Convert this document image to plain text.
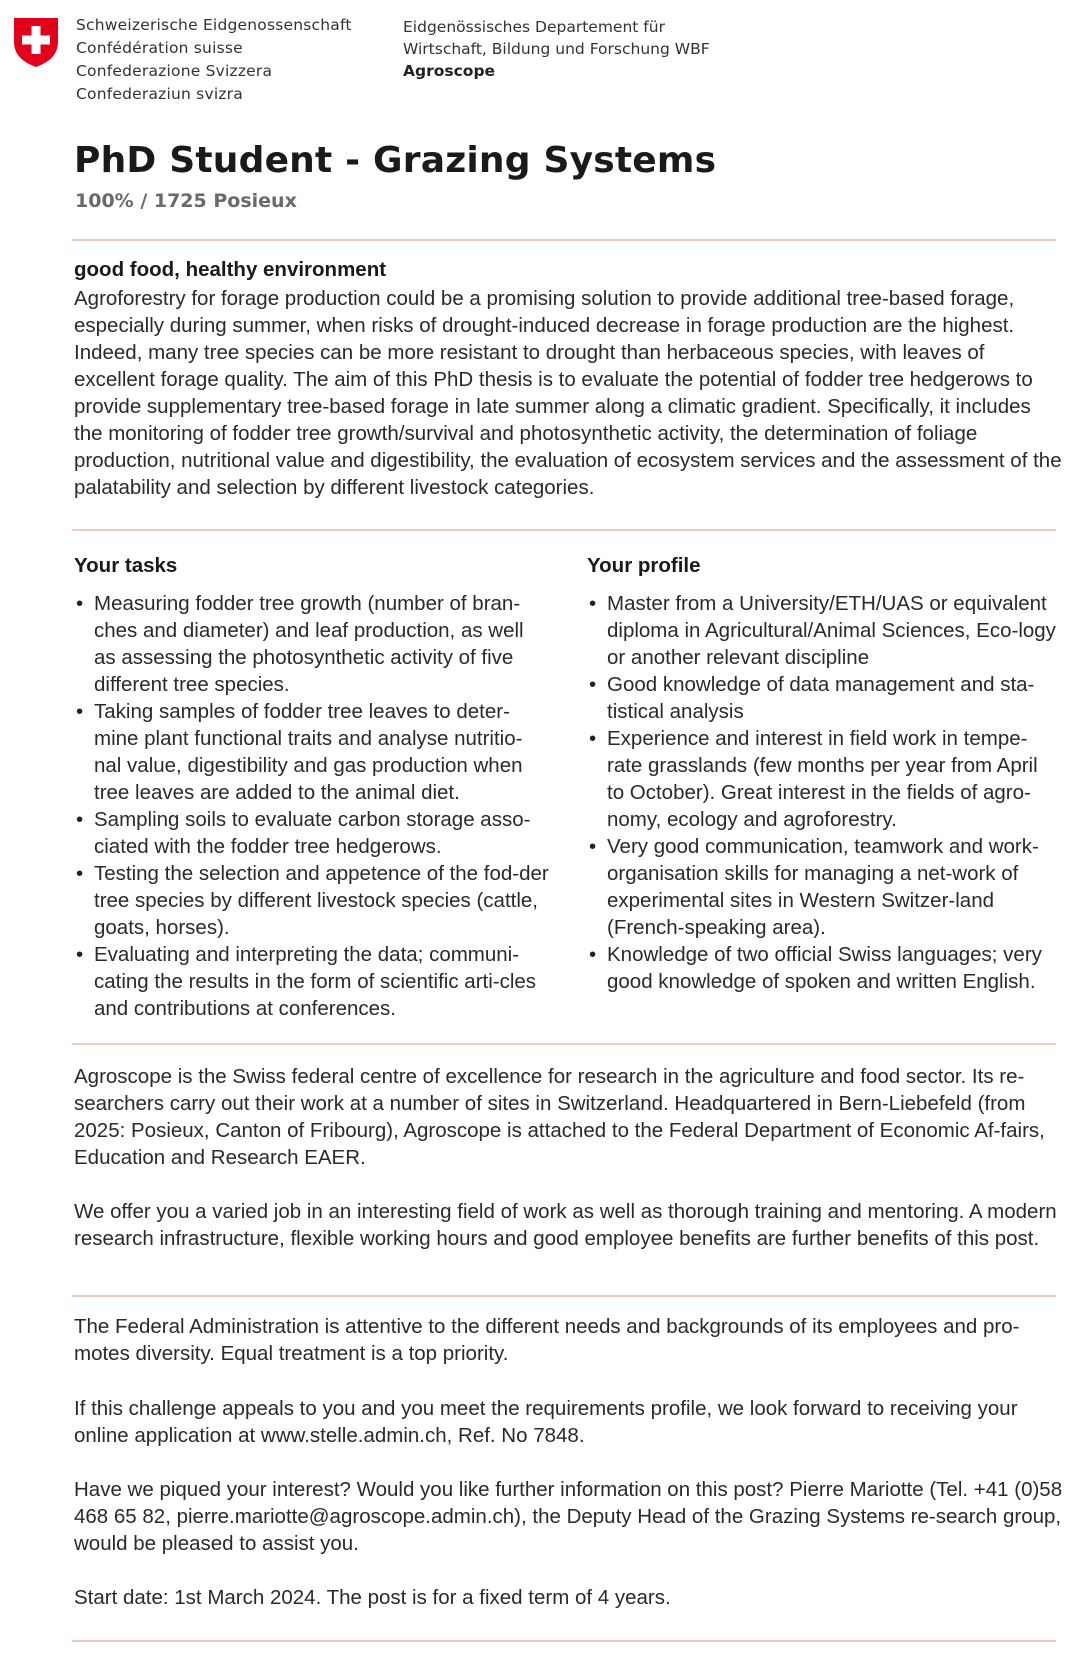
Schweizerische Eidgenossenschaft
Confédération suisse
Confederazione Svizzera
Confederaziun svizra
Eidgenössisches Departement für
Wirtschaft, Bildung und Forschung WBF
Agroscope
PhD Student - Grazing Systems
100% / 1725 Posieux

good food, healthy environment

Agroforestry for forage production could be a promising solution to provide additional tree-based forage, especially during summer, when risks of drought-induced decrease in forage production are the highest. Indeed, many tree species can be more resistant to drought than herbaceous species, with leaves of excellent forage quality. The aim of this PhD thesis is to evaluate the potential of fodder tree hedgerows to provide supplementary tree-based forage in late summer along a climatic gradient. Specifically, it includes the monitoring of fodder tree growth/survival and photosynthetic activity, the determination of foliage production, nutritional value and digestibility, the evaluation of ecosystem services and the assessment of the palatability and selection by different livestock categories.

Your tasks

• Measuring fodder tree growth (number of bran-ches and diameter) and leaf production, as well as assessing the photosynthetic activity of five different tree species.
• Taking samples of fodder tree leaves to deter-mine plant functional traits and analyse nutritio-nal value, digestibility and gas production when tree leaves are added to the animal diet.
• Sampling soils to evaluate carbon storage asso-ciated with the fodder tree hedgerows.
• Testing the selection and appetence of the fod-der tree species by different livestock species (cattle, goats, horses).
• Evaluating and interpreting the data; communi-cating the results in the form of scientific arti-cles and contributions at conferences.

Your profile

• Master from a University/ETH/UAS or equivalent diploma in Agricultural/Animal Sciences, Eco-logy or another relevant discipline
• Good knowledge of data management and sta-tistical analysis
• Experience and interest in field work in tempe-rate grasslands (few months per year from April to October). Great interest in the fields of agro-nomy, ecology and agroforestry.
• Very good communication, teamwork and work-organisation skills for managing a net-work of experimental sites in Western Switzer-land (French-speaking area).
• Knowledge of two official Swiss languages; very good knowledge of spoken and written English.

Agroscope is the Swiss federal centre of excellence for research in the agriculture and food sector. Its re-searchers carry out their work at a number of sites in Switzerland. Headquartered in Bern-Liebefeld (from 2025: Posieux, Canton of Fribourg), Agroscope is attached to the Federal Department of Economic Af-fairs, Education and Research EAER.

We offer you a varied job in an interesting field of work as well as thorough training and mentoring. A modern research infrastructure, flexible working hours and good employee benefits are further benefits of this post.

The Federal Administration is attentive to the different needs and backgrounds of its employees and pro-motes diversity. Equal treatment is a top priority.

If this challenge appeals to you and you meet the requirements profile, we look forward to receiving your online application at www.stelle.admin.ch, Ref. No 7848.

Have we piqued your interest? Would you like further information on this post? Pierre Mariotte (Tel. +41 (0)58 468 65 82, pierre.mariotte@agroscope.admin.ch), the Deputy Head of the Grazing Systems re-search group, would be pleased to assist you.

Start date: 1st March 2024. The post is for a fixed term of 4 years.
